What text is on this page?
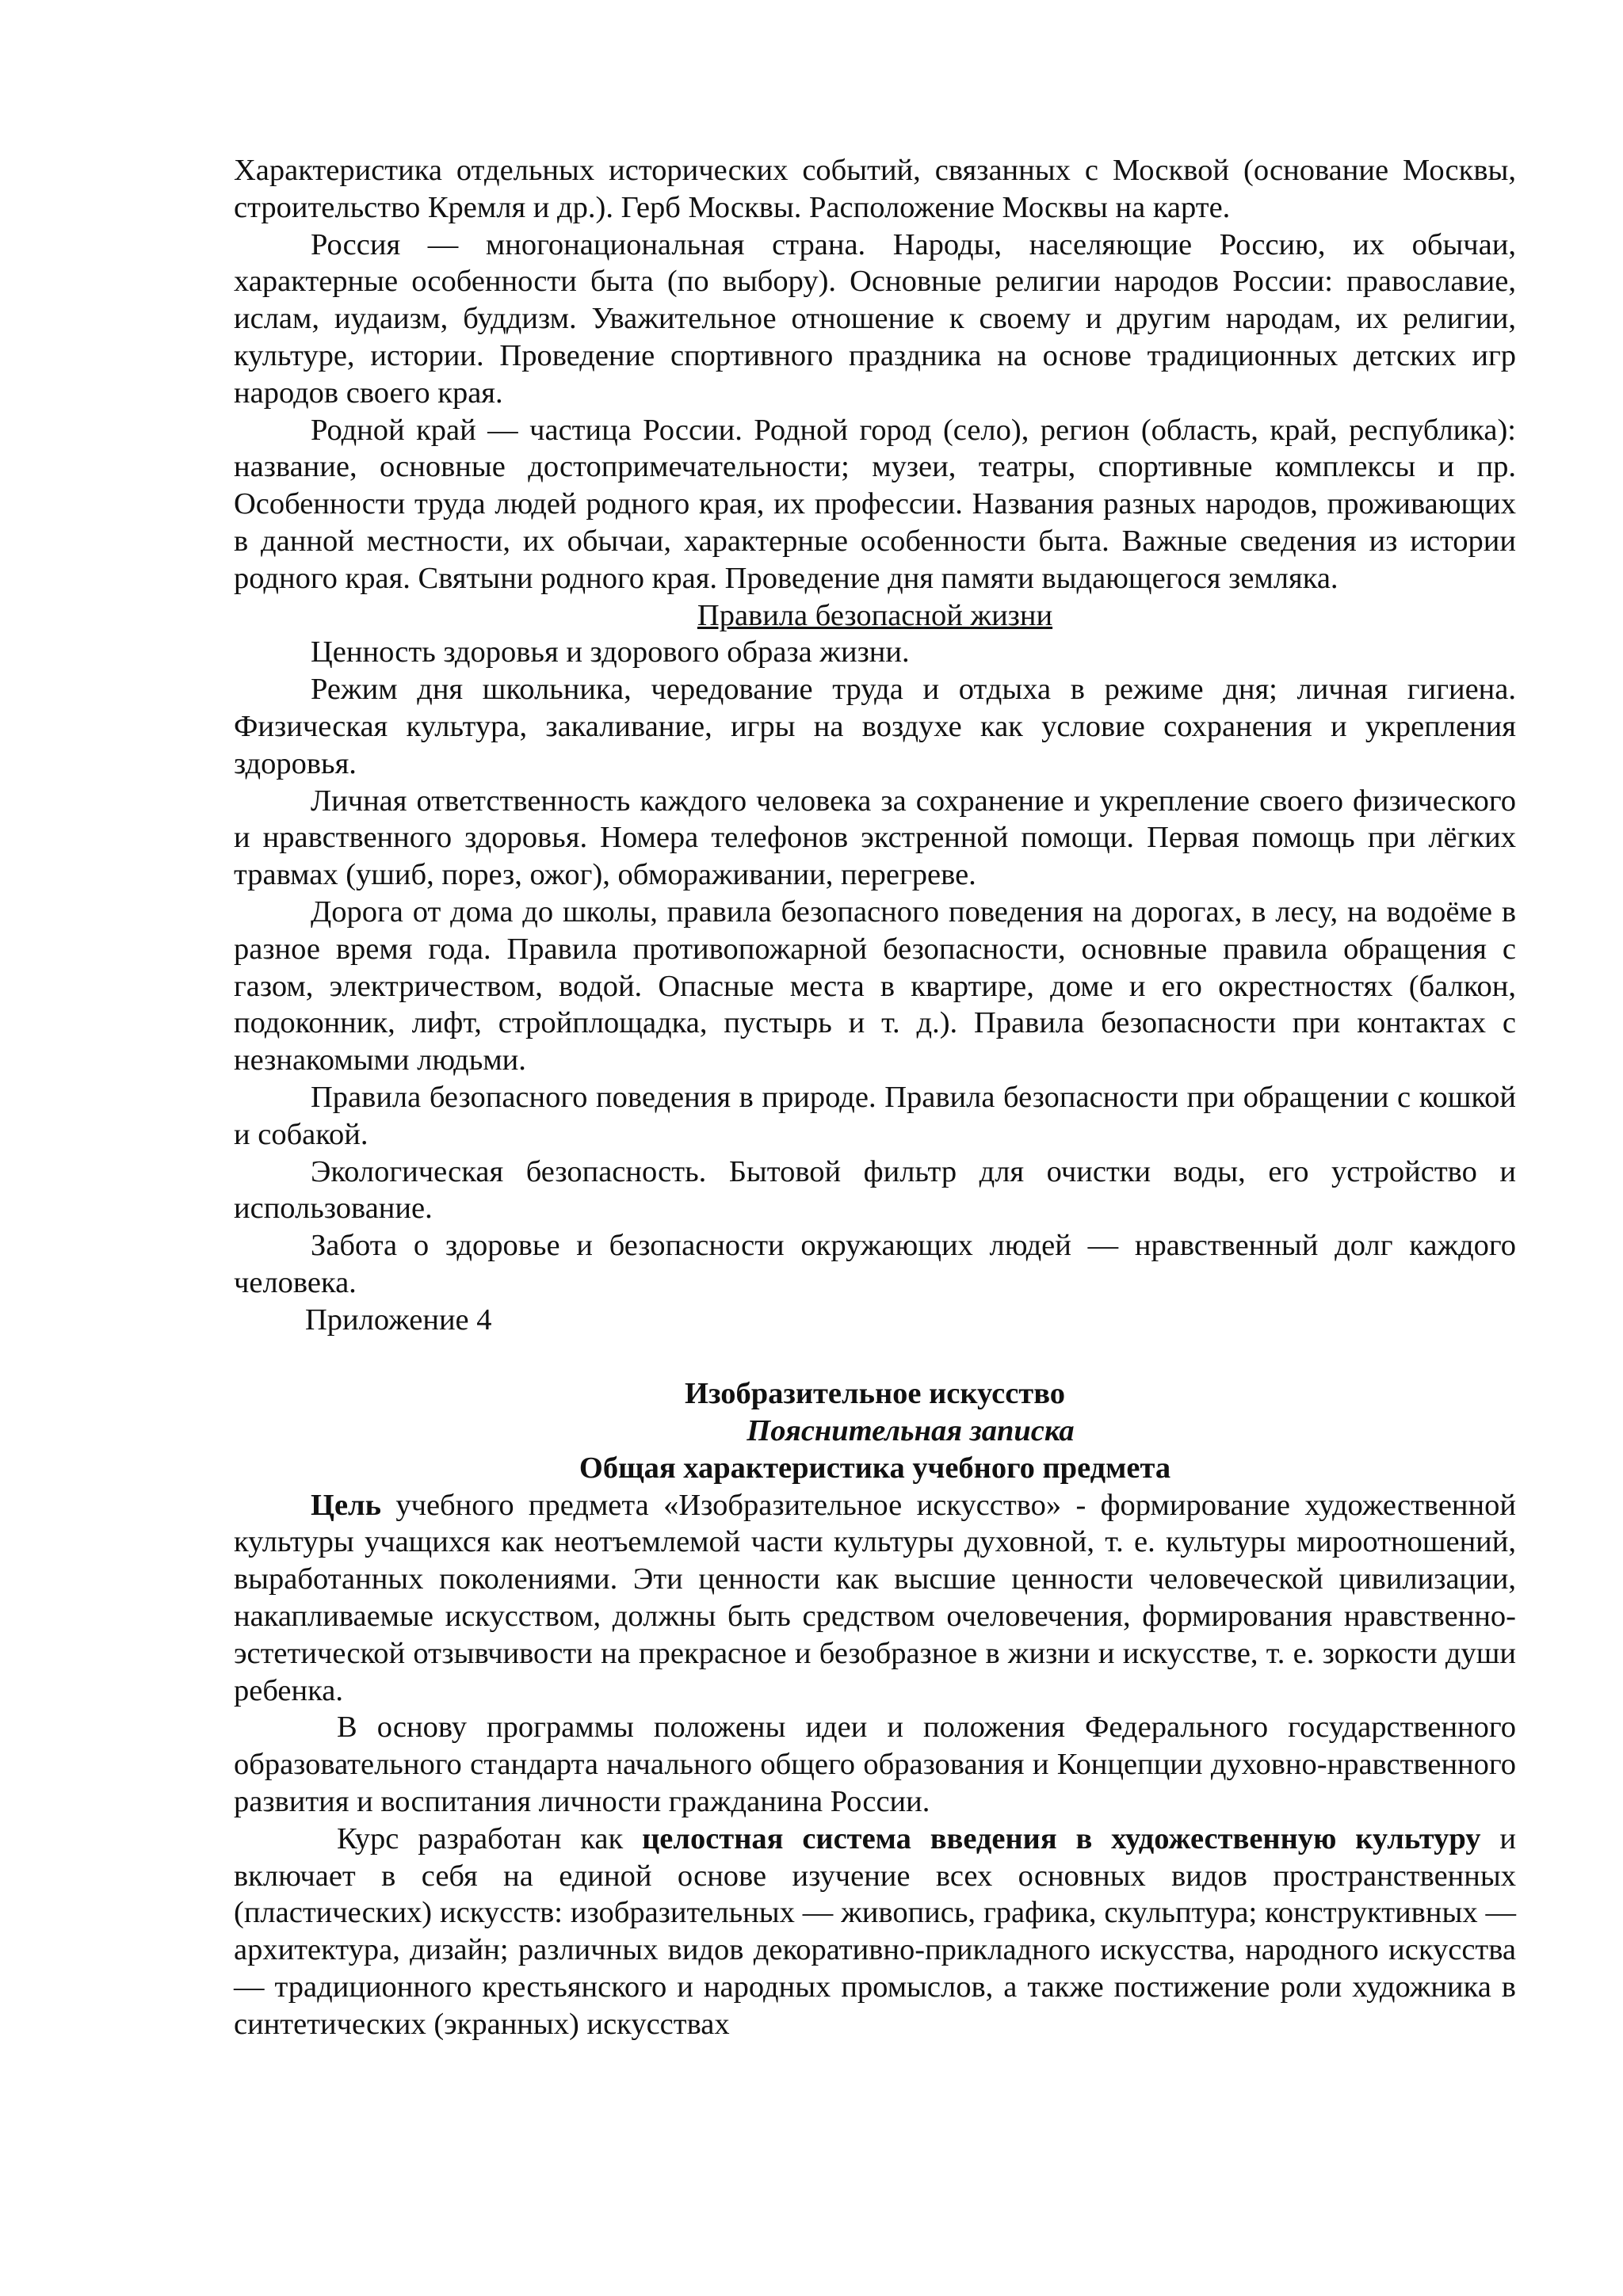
Характеристика отдельных исторических событий, связанных с Москвой (основание Москвы, строительство Кремля и др.). Герб Москвы. Расположение Москвы на карте.

Россия — многонациональная страна. Народы, населяющие Россию, их обычаи, характерные особенности быта (по выбору). Основные религии народов России: православие, ислам, иудаизм, буддизм. Уважительное отношение к своему и другим народам, их религии, культуре, истории. Проведение спортивного праздника на основе традиционных детских игр народов своего края.

Родной край — частица России. Родной город (село), регион (область, край, республика): название, основные достопримечательности; музеи, театры, спортивные комплексы и пр. Особенности труда людей родного края, их профессии. Названия разных народов, проживающих в данной местности, их обычаи, характерные особенности быта. Важные сведения из истории родного края. Святыни родного края. Проведение дня памяти выдающегося земляка.

Правила безопасной жизни

Ценность здоровья и здорового образа жизни.

Режим дня школьника, чередование труда и отдыха в режиме дня; личная гигиена. Физическая культура, закаливание, игры на воздухе как условие сохранения и укрепления здоровья.

Личная ответственность каждого человека за сохранение и укрепление своего физического и нравственного здоровья. Номера телефонов экстренной помощи. Первая помощь при лёгких травмах (ушиб, порез, ожог), обмораживании, перегреве.

Дорога от дома до школы, правила безопасного поведения на дорогах, в лесу, на водоёме в разное время года. Правила противопожарной безопасности, основные правила обращения с газом, электричеством, водой. Опасные места в квартире, доме и его окрестностях (балкон, подоконник, лифт, стройплощадка, пустырь и т. д.). Правила безопасности при контактах с незнакомыми людьми.

Правила безопасного поведения в природе. Правила безопасности при обращении с кошкой и собакой.

Экологическая безопасность. Бытовой фильтр для очистки воды, его устройство и использование.

Забота о здоровье и безопасности окружающих людей — нравственный долг каждого человека.

Приложение 4

Изобразительное искусство

Пояснительная записка

Общая характеристика учебного предмета

Цель учебного предмета «Изобразительное искусство» - формирование художественной культуры учащихся как неотъемлемой части культуры духовной, т. е. культуры мироотношений, выработанных поколениями. Эти ценности как высшие ценности человеческой цивилизации, накапливаемые искусством, должны быть средством очеловечения, формирования нравственно-эстетической отзывчивости на прекрасное и безобразное в жизни и искусстве, т. е. зоркости души ребенка.

В основу программы положены идеи и положения Федерального государственного образовательного стандарта начального общего образования и Концепции духовно-нравственного развития и воспитания личности гражданина России.

Курс разработан как целостная система введения в художественную культуру и включает в себя на единой основе изучение всех основных видов пространственных (пластических) искусств: изобразительных — живопись, графика, скульптура; конструктивных — архитектура, дизайн; различных видов декоративно-прикладного искусства, народного искусства — традиционного крестьянского и народных промыслов, а также постижение роли художника в синтетических (экранных) искусствах
